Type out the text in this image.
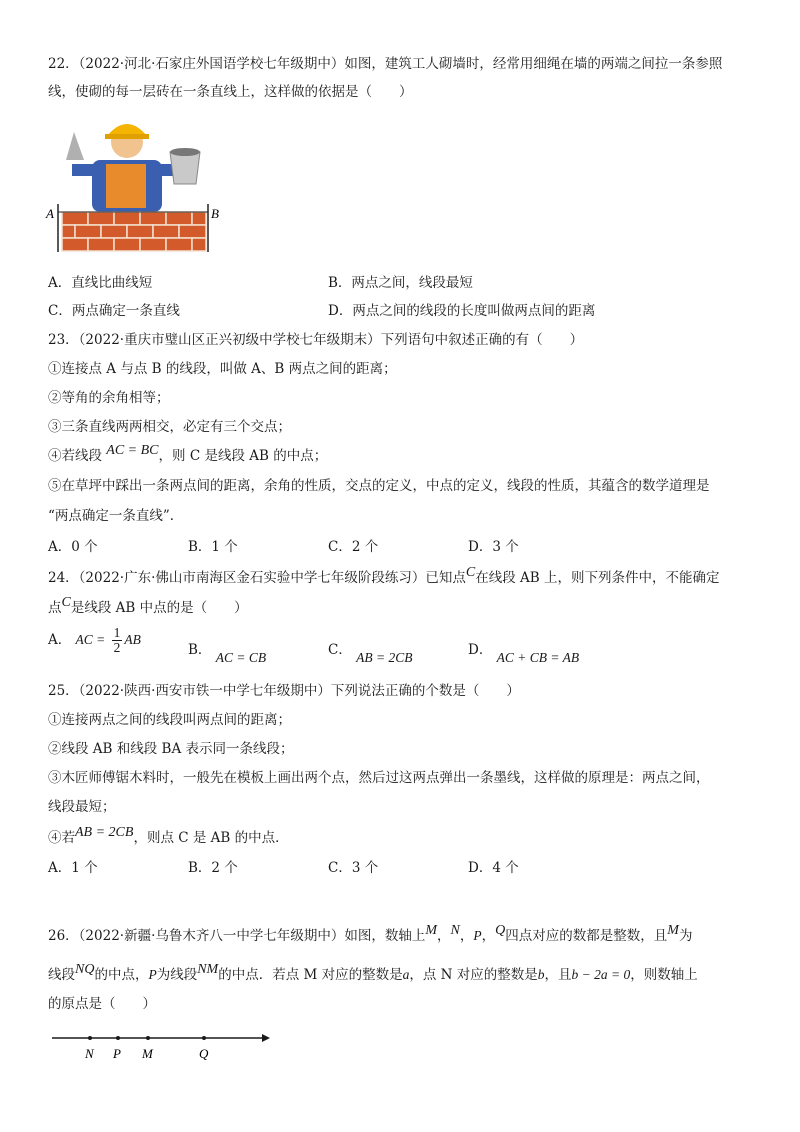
22．（2022·河北·石家庄外国语学校七年级期中）如图，建筑工人砌墙时，经常用细绳在墙的两端之间拉一条参照
线，使砌的每一层砖在一条直线上，这样做的依据是（　　）
A	B
A．直线比曲线短	B．两点之间，线段最短
C．两点确定一条直线	D．两点之间的线段的长度叫做两点间的距离
23．（2022·重庆市璧山区正兴初级中学校七年级期末）下列语句中叙述正确的有（　　）
①连接点 A 与点 B 的线段，叫做 A、B 两点之间的距离；
②等角的余角相等；
③三条直线两两相交，必定有三个交点；
④若线段 AC = BC，则 C 是线段 AB 的中点；
⑤在草坪中踩出一条两点间的距离，余角的性质，交点的定义，中点的定义，线段的性质，其蕴含的数学道理是
“两点确定一条直线”．
A．0 个	B．1 个	C．2 个	D．3 个
24．（2022·广东·佛山市南海区金石实验中学七年级阶段练习）已知点C在线段 AB 上，则下列条件中，不能确定
点C是线段 AB 中点的是（　　）
A． AC = $\frac{1}{2}$ AB
B． AC = CB	C． AB = 2CB	D． AC + CB = AB
25．（2022·陕西·西安市铁一中学七年级期中）下列说法正确的个数是（　　）
①连接两点之间的线段叫两点间的距离；
②线段 AB 和线段 BA 表示同一条线段；
③木匠师傅锯木料时，一般先在模板上画出两个点，然后过这两点弹出一条墨线，这样做的原理是：两点之间，
线段最短；
④若AB = 2CB，则点 C 是 AB 的中点．
A．1 个	B．2 个	C．3 个	D．4 个
26．（2022·新疆·乌鲁木齐八一中学七年级期中）如图，数轴上M，N，P，Q四点对应的数都是整数，且M为
线段NQ的中点，P为线段NM的中点．若点 M 对应的整数是a，点 N 对应的整数是b，且b − 2a = 0，则数轴上
的原点是（　　）
N P M	Q
